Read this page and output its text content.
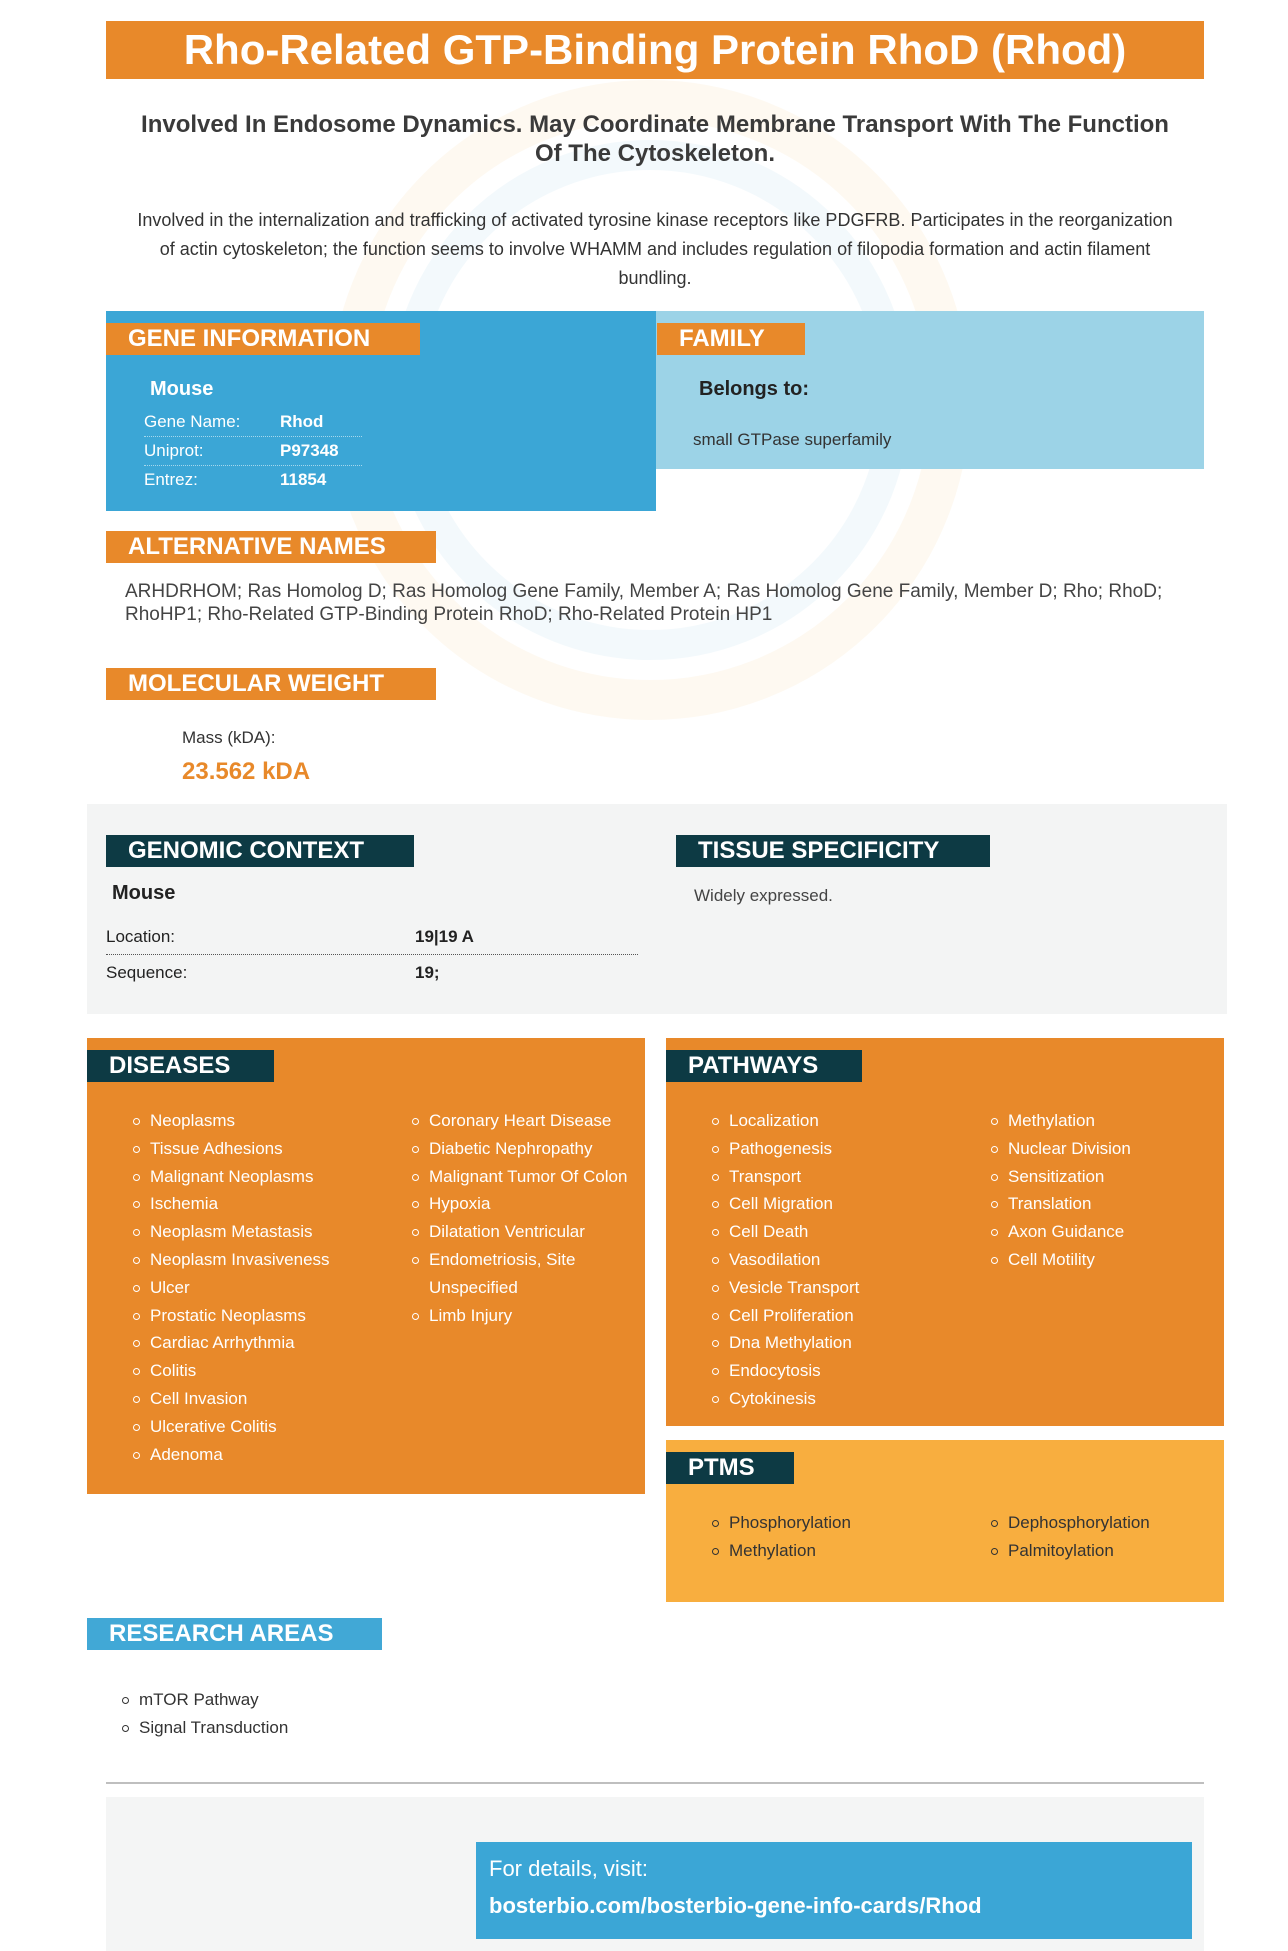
Rho-Related GTP-Binding Protein RhoD (Rhod)
Involved In Endosome Dynamics. May Coordinate Membrane Transport With The Function Of The Cytoskeleton.
Involved in the internalization and trafficking of activated tyrosine kinase receptors like PDGFRB. Participates in the reorganization of actin cytoskeleton; the function seems to involve WHAMM and includes regulation of filopodia formation and actin filament bundling.
GENE INFORMATION
Mouse
Gene Name:	Rhod
Uniprot:	P97348
Entrez:	11854
FAMILY
Belongs to:
small GTPase superfamily
ALTERNATIVE NAMES
ARHDRHOM; Ras Homolog D; Ras Homolog Gene Family, Member A; Ras Homolog Gene Family, Member D; Rho; RhoD; RhoHP1; Rho-Related GTP-Binding Protein RhoD; Rho-Related Protein HP1
MOLECULAR WEIGHT
Mass (kDA):
23.562 kDA
GENOMIC CONTEXT
Mouse
Location:	19|19 A
Sequence:	19;
TISSUE SPECIFICITY
Widely expressed.
DISEASES
Neoplasms
Tissue Adhesions
Malignant Neoplasms
Ischemia
Neoplasm Metastasis
Neoplasm Invasiveness
Ulcer
Prostatic Neoplasms
Cardiac Arrhythmia
Colitis
Cell Invasion
Ulcerative Colitis
Adenoma
Coronary Heart Disease
Diabetic Nephropathy
Malignant Tumor Of Colon
Hypoxia
Dilatation Ventricular
Endometriosis, Site Unspecified
Limb Injury
PATHWAYS
Localization
Pathogenesis
Transport
Cell Migration
Cell Death
Vasodilation
Vesicle Transport
Cell Proliferation
Dna Methylation
Endocytosis
Cytokinesis
Methylation
Nuclear Division
Sensitization
Translation
Axon Guidance
Cell Motility
PTMS
Phosphorylation
Methylation
Dephosphorylation
Palmitoylation
RESEARCH AREAS
mTOR Pathway
Signal Transduction
For details, visit:
bosterbio.com/bosterbio-gene-info-cards/Rhod
